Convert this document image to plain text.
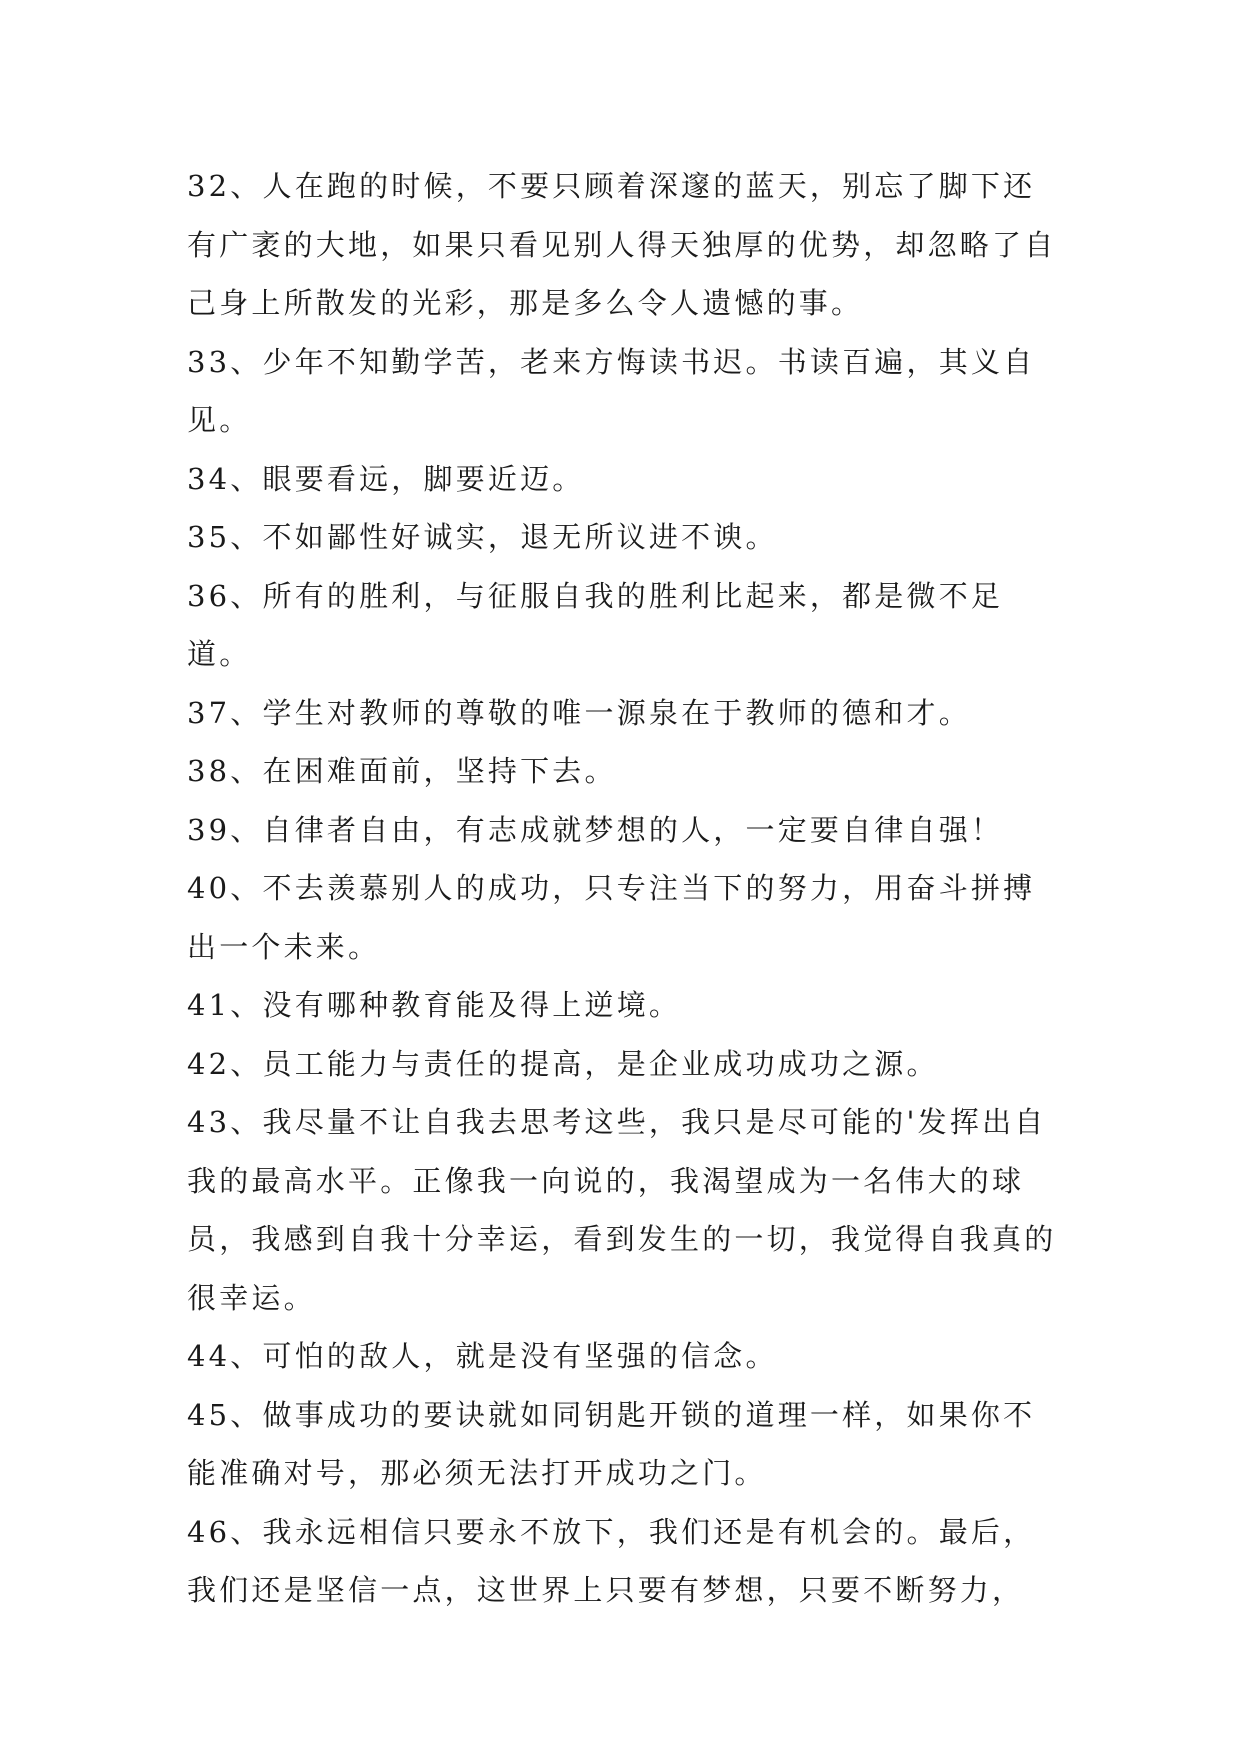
32、人在跑的时候，不要只顾着深邃的蓝天，别忘了脚下还有广袤的大地，如果只看见别人得天独厚的优势，却忽略了自己身上所散发的光彩，那是多么令人遗憾的事。

33、少年不知勤学苦，老来方悔读书迟。书读百遍，其义自见。

34、眼要看远，脚要近迈。

35、不如鄙性好诚实，退无所议进不谀。

36、所有的胜利，与征服自我的胜利比起来，都是微不足道。

37、学生对教师的尊敬的唯一源泉在于教师的德和才。

38、在困难面前，坚持下去。

39、自律者自由，有志成就梦想的人，一定要自律自强！

40、不去羡慕别人的成功，只专注当下的努力，用奋斗拼搏出一个未来。

41、没有哪种教育能及得上逆境。

42、员工能力与责任的提高，是企业成功成功之源。

43、我尽量不让自我去思考这些，我只是尽可能的'发挥出自我的最高水平。正像我一向说的，我渴望成为一名伟大的球员，我感到自我十分幸运，看到发生的一切，我觉得自我真的很幸运。

44、可怕的敌人，就是没有坚强的信念。

45、做事成功的要诀就如同钥匙开锁的道理一样，如果你不能准确对号，那必须无法打开成功之门。

46、我永远相信只要永不放下，我们还是有机会的。最后，我们还是坚信一点，这世界上只要有梦想，只要不断努力，
